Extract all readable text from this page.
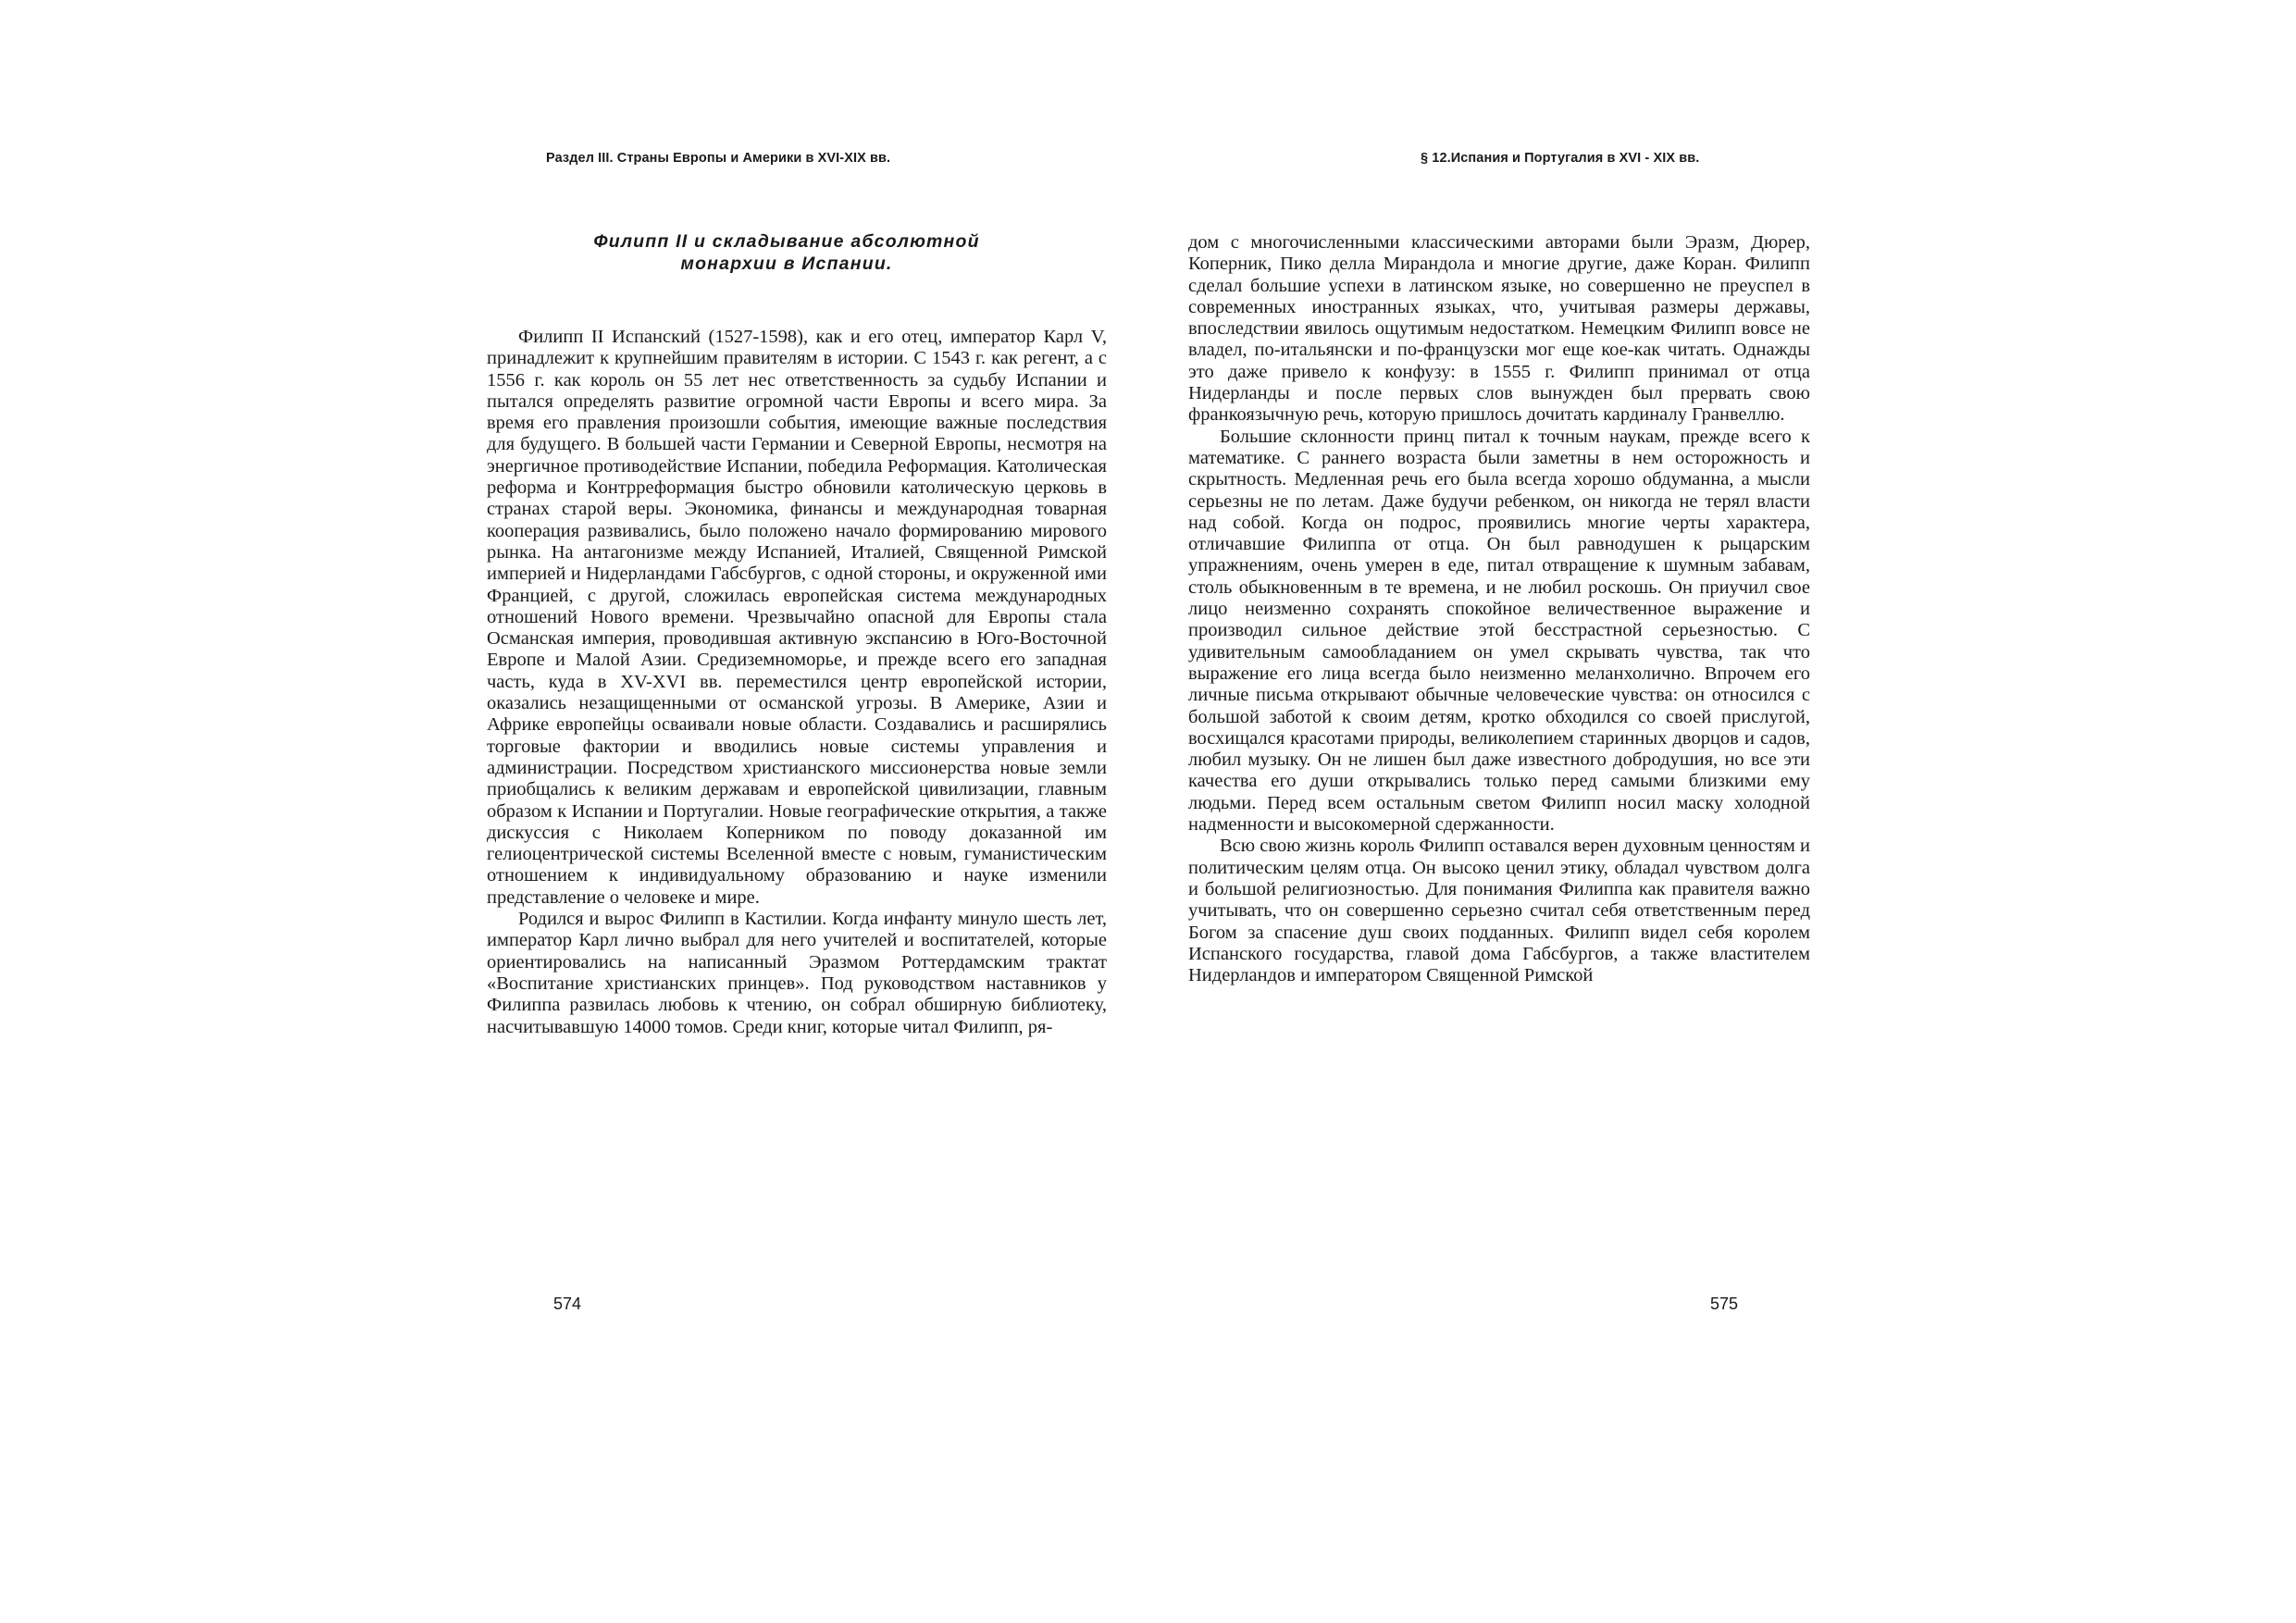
Раздел III. Страны Европы и Америки в XVI-XIX вв.	§ 12.Испания и Португалия в XVI - XIX вв.
Филипп II и складывание абсолютной
монархии в Испании.

Филипп II Испанский (1527-1598), как и его отец, император Карл V, принадлежит к крупнейшим правителям в истории. С 1543 г. как регент, а с 1556 г. как король он 55 лет нес ответственность за судьбу Испании и пытался определять развитие огромной части Европы и всего мира. За время его правления произошли события, имеющие важные последствия для будущего. В большей части Германии и Северной Европы, несмотря на энергичное противодействие Испании, победила Реформация. Католическая реформа и Контрреформация быстро обновили католическую церковь в странах старой веры. Экономика, финансы и международная товарная кооперация развивались, было положено начало формированию мирового рынка. На антагонизме между Испанией, Италией, Священной Римской империей и Нидерландами Габсбургов, с одной стороны, и окруженной ими Францией, с другой, сложилась европейская система международных отношений Нового времени. Чрезвычайно опасной для Европы стала Османская империя, проводившая активную экспансию в Юго-Восточной Европе и Малой Азии. Средиземноморье, и прежде всего его западная часть, куда в XV-XVI вв. переместился центр европейской истории, оказались незащищенными от османской угрозы. В Америке, Азии и Африке европейцы осваивали новые области. Создавались и расширялись торговые фактории и вводились новые системы управления и администрации. Посредством христианского миссионерства новые земли приобщались к великим державам и европейской цивилизации, главным образом к Испании и Португалии. Новые географические открытия, а также дискуссия с Николаем Коперником по поводу доказанной им гелиоцентрической системы Вселенной вместе с новым, гуманистическим отношением к индивидуальному образованию и науке изменили представление о человеке и мире.

Родился и вырос Филипп в Кастилии. Когда инфанту минуло шесть лет, император Карл лично выбрал для него учителей и воспитателей, которые ориентировались на написанный Эразмом Роттердамским трактат «Воспитание христианских принцев». Под руководством наставников у Филиппа развилась любовь к чтению, он собрал обширную библиотеку, насчитывавшую 14000 томов. Среди книг, которые читал Филипп, ря-

дом с многочисленными классическими авторами были Эразм, Дюрер, Коперник, Пико делла Мирандола и многие другие, даже Коран. Филипп сделал большие успехи в латинском языке, но совершенно не преуспел в современных иностранных языках, что, учитывая размеры державы, впоследствии явилось ощутимым недостатком. Немецким Филипп вовсе не владел, по-итальянски и по-французски мог еще кое-как читать. Однажды это даже привело к конфузу: в 1555 г. Филипп принимал от отца Нидерланды и после первых слов вынужден был прервать свою франкоязычную речь, которую пришлось дочитать кардиналу Гранвеллю.

Большие склонности принц питал к точным наукам, прежде всего к математике. С раннего возраста были заметны в нем осторожность и скрытность. Медленная речь его была всегда хорошо обдуманна, а мысли серьезны не по летам. Даже будучи ребенком, он никогда не терял власти над собой. Когда он подрос, проявились многие черты характера, отличавшие Филиппа от отца. Он был равнодушен к рыцарским упражнениям, очень умерен в еде, питал отвращение к шумным забавам, столь обыкновенным в те времена, и не любил роскошь. Он приучил свое лицо неизменно сохранять спокойное величественное выражение и производил сильное действие этой бесстрастной серьезностью. С удивительным самообладанием он умел скрывать чувства, так что выражение его лица всегда было неизменно меланхолично. Впрочем его личные письма открывают обычные человеческие чувства: он относился с большой заботой к своим детям, кротко обходился со своей прислугой, восхищался красотами природы, великолепием старинных дворцов и садов, любил музыку. Он не лишен был даже известного добродушия, но все эти качества его души открывались только перед самыми близкими ему людьми. Перед всем остальным светом Филипп носил маску холодной надменности и высокомерной сдержанности.

Всю свою жизнь король Филипп оставался верен духовным ценностям и политическим целям отца. Он высоко ценил этику, обладал чувством долга и большой религиозностью. Для понимания Филиппа как правителя важно учитывать, что он совершенно серьезно считал себя ответственным перед Богом за спасение душ своих подданных. Филипп видел себя королем Испанского государства, главой дома Габсбургов, а также властителем Нидерландов и императором Священной Римской

574	575
